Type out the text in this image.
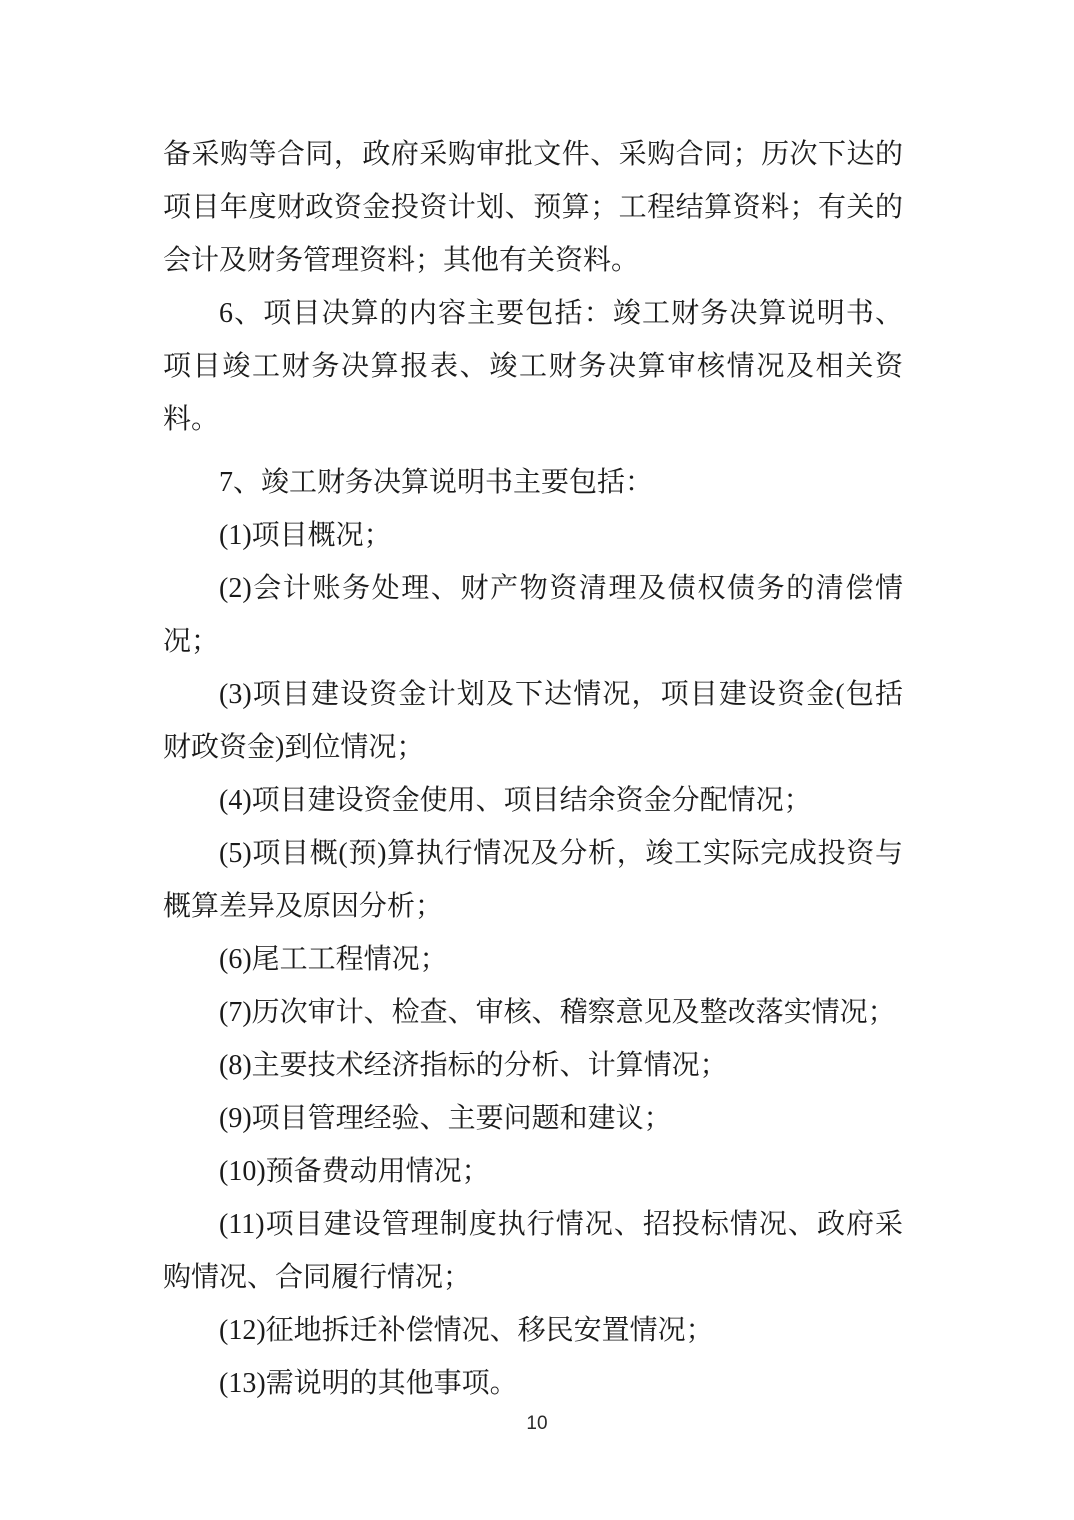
备采购等合同，政府采购审批文件、采购合同；历次下达的项目年度财政资金投资计划、预算；工程结算资料；有关的会计及财务管理资料；其他有关资料。

6、项目决算的内容主要包括：竣工财务决算说明书、项目竣工财务决算报表、竣工财务决算审核情况及相关资料。

7、竣工财务决算说明书主要包括：

(1)项目概况；

(2)会计账务处理、财产物资清理及债权债务的清偿情况；

(3)项目建设资金计划及下达情况，项目建设资金(包括财政资金)到位情况；

(4)项目建设资金使用、项目结余资金分配情况；

(5)项目概(预)算执行情况及分析，竣工实际完成投资与概算差异及原因分析；

(6)尾工工程情况；

(7)历次审计、检查、审核、稽察意见及整改落实情况；

(8)主要技术经济指标的分析、计算情况；

(9)项目管理经验、主要问题和建议；

(10)预备费动用情况；

(11)项目建设管理制度执行情况、招投标情况、政府采购情况、合同履行情况；

(12)征地拆迁补偿情况、移民安置情况；

(13)需说明的其他事项。

10
